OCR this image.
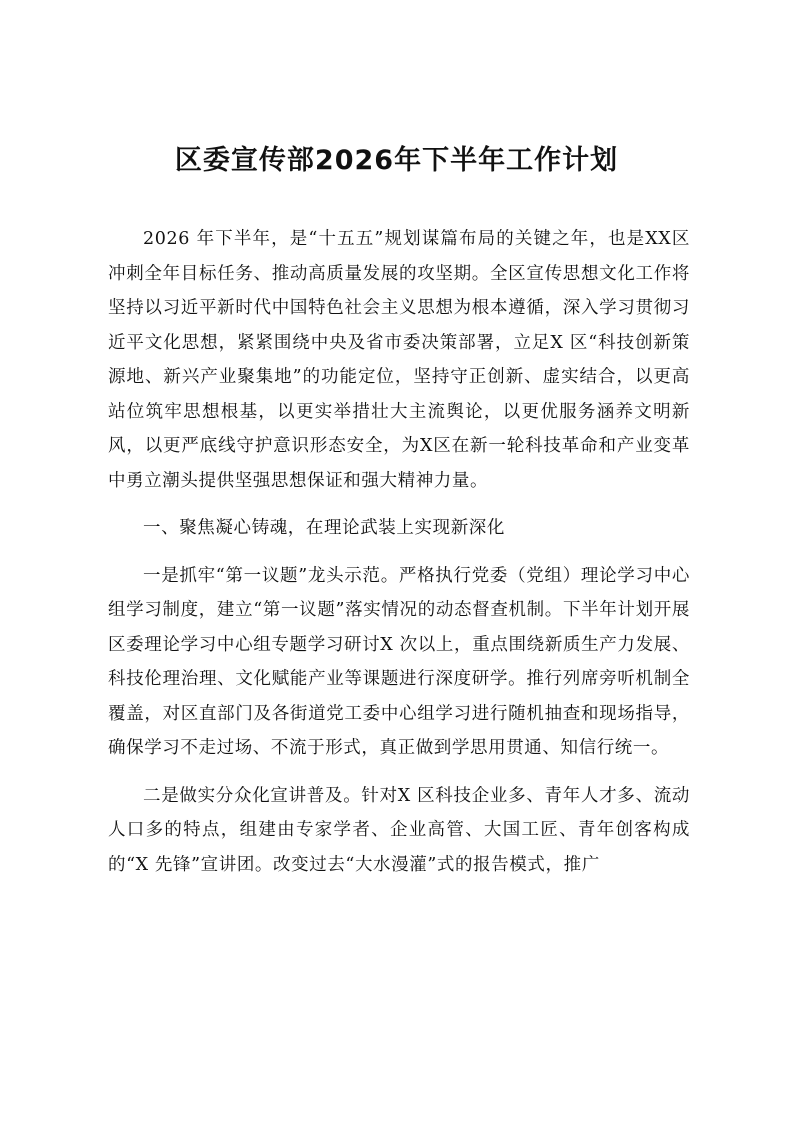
区委宣传部2026年下半年工作计划

2026 年下半年，是“十五五”规划谋篇布局的关键之年，也是XX区冲刺全年目标任务、推动高质量发展的攻坚期。全区宣传思想文化工作将坚持以习近平新时代中国特色社会主义思想为根本遵循，深入学习贯彻习近平文化思想，紧紧围绕中央及省市委决策部署，立足X 区“科技创新策源地、新兴产业聚集地”的功能定位，坚持守正创新、虚实结合，以更高站位筑牢思想根基，以更实举措壮大主流舆论，以更优服务涵养文明新风，以更严底线守护意识形态安全，为X区在新一轮科技革命和产业变革中勇立潮头提供坚强思想保证和强大精神力量。

一、聚焦凝心铸魂，在理论武装上实现新深化

一是抓牢“第一议题”龙头示范。严格执行党委（党组）理论学习中心组学习制度，建立“第一议题”落实情况的动态督查机制。下半年计划开展区委理论学习中心组专题学习研讨X 次以上，重点围绕新质生产力发展、科技伦理治理、文化赋能产业等课题进行深度研学。推行列席旁听机制全覆盖，对区直部门及各街道党工委中心组学习进行随机抽查和现场指导，确保学习不走过场、不流于形式，真正做到学思用贯通、知信行统一。

二是做实分众化宣讲普及。针对X 区科技企业多、青年人才多、流动人口多的特点，组建由专家学者、企业高管、大国工匠、青年创客构成的“X 先锋”宣讲团。改变过去“大水漫灌”式的报告模式，推广
